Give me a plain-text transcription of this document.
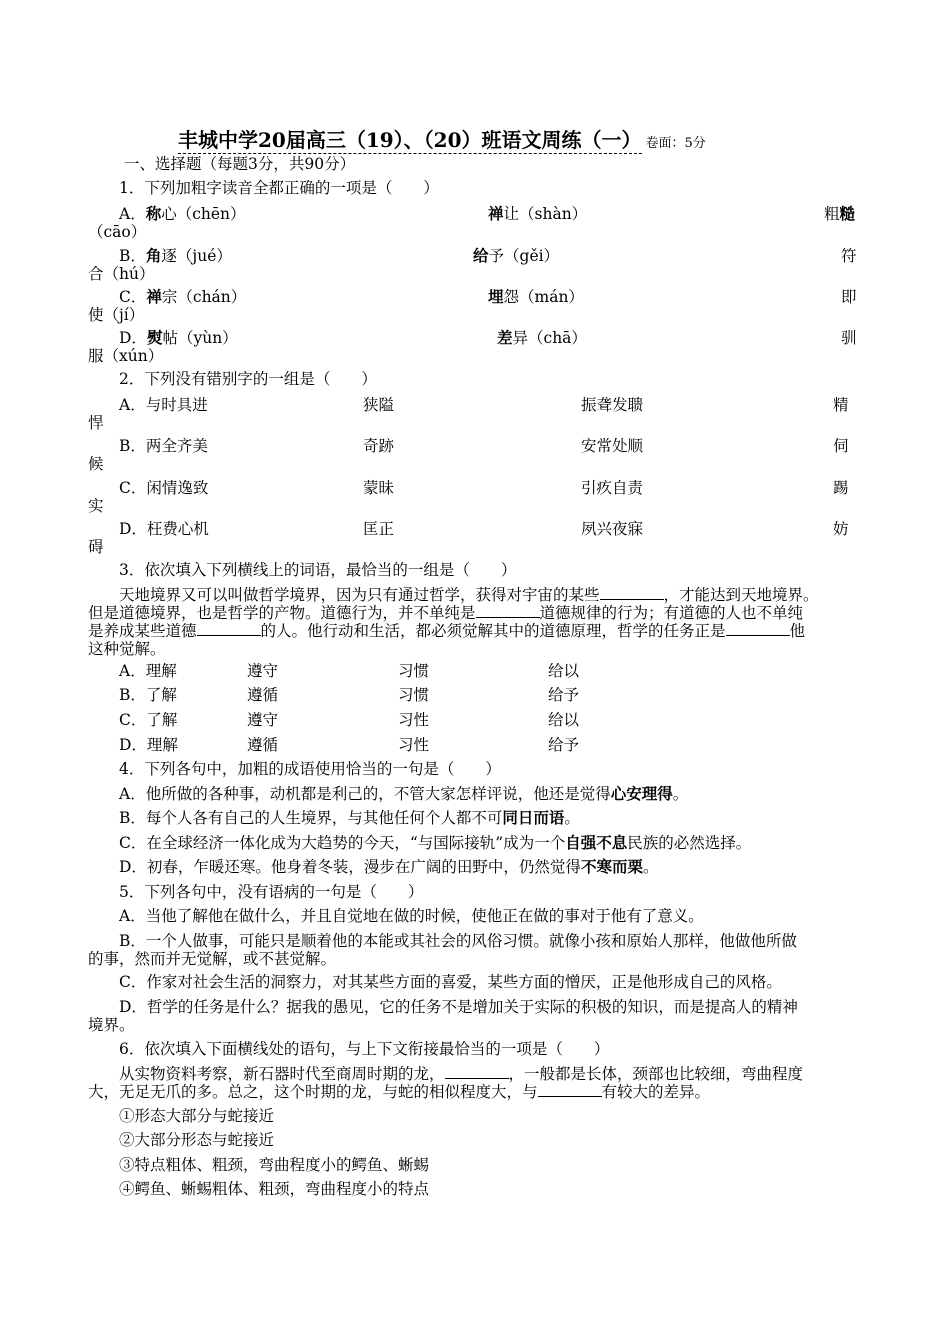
丰城中学20届高三（19）、（20）班语文周练（一） 卷面：5分
一、选择题（每题3分，共90分）
1．下列加粗字读音全都正确的一项是（　　）
A．称心（chēn）	禅让（shàn）	粗糙
（cāo）
B．角逐（jué）	给予（gěi）	符
合（hú）
C．禅宗（chán）	埋怨（mán）	即
使（jí）
D．熨帖（yùn）	差异（chā）	驯
服（xún）
2．下列没有错别字的一组是（　　）
A．与时具进	狭隘	振聋发聩	精
悍
B．两全齐美	奇跡	安常处顺	伺
候
C．闲情逸致	蒙昧	引疚自责	踢
实
D．枉费心机	匡正	夙兴夜寐	妨
碍
3．依次填入下列横线上的词语，最恰当的一组是（　　）
天地境界又可以叫做哲学境界，因为只有通过哲学，获得对宇宙的某些	，才能达到天地境界。
但是道德境界，也是哲学的产物。道德行为，并不单纯是	道德规律的行为；有道德的人也不单纯
是养成某些道德	的人。他行动和生活，都必须觉解其中的道德原理，哲学的任务正是	他
这种觉解。
A．理解	遵守	习惯	给以
B．了解	遵循	习惯	给予
C．了解	遵守	习性	给以
D．理解	遵循	习性	给予
4．下列各句中，加粗的成语使用恰当的一句是（　　）
A．他所做的各种事，动机都是利己的，不管大家怎样评说，他还是觉得心安理得。
B．每个人各有自己的人生境界，与其他任何个人都不可同日而语。
C．在全球经济一体化成为大趋势的今天，“与国际接轨”成为一个自强不息民族的必然选择。
D．初春，乍暖还寒。他身着冬装，漫步在广阔的田野中，仍然觉得不寒而栗。
5．下列各句中，没有语病的一句是（　　）
A．当他了解他在做什么，并且自觉地在做的时候，使他正在做的事对于他有了意义。
B．一个人做事，可能只是顺着他的本能或其社会的风俗习惯。就像小孩和原始人那样，他做他所做
的事，然而并无觉解，或不甚觉解。
C．作家对社会生活的洞察力，对其某些方面的喜爱，某些方面的憎厌，正是他形成自己的风格。
D．哲学的任务是什么？据我的愚见，它的任务不是增加关于实际的积极的知识，而是提高人的精神
境界。
6．依次填入下面横线处的语句，与上下文衔接最恰当的一项是（　　）
从实物资料考察，新石器时代至商周时期的龙，	，一般都是长体，颈部也比较细，弯曲程度
大，无足无爪的多。总之，这个时期的龙，与蛇的相似程度大，与	有较大的差异。
①形态大部分与蛇接近
②大部分形态与蛇接近
③特点粗体、粗颈，弯曲程度小的鳄鱼、蜥蜴
④鳄鱼、蜥蜴粗体、粗颈，弯曲程度小的特点
